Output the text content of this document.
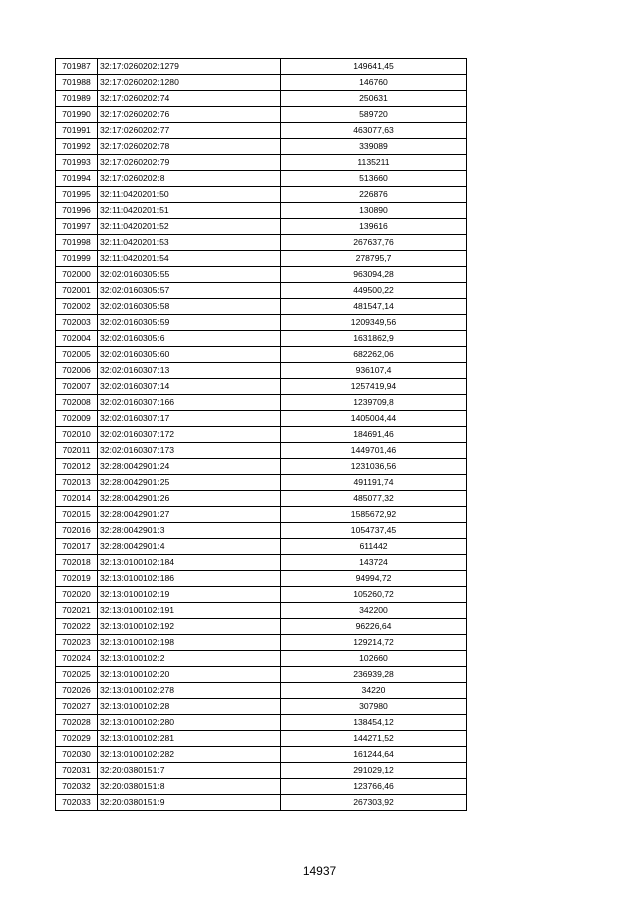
701987	32:17:0260202:1279	149641,45
701988	32:17:0260202:1280	146760
701989	32:17:0260202:74	250631
701990	32:17:0260202:76	589720
701991	32:17:0260202:77	463077,63
701992	32:17:0260202:78	339089
701993	32:17:0260202:79	1135211
701994	32:17:0260202:8	513660
701995	32:11:0420201:50	226876
701996	32:11:0420201:51	130890
701997	32:11:0420201:52	139616
701998	32:11:0420201:53	267637,76
701999	32:11:0420201:54	278795,7
702000	32:02:0160305:55	963094,28
702001	32:02:0160305:57	449500,22
702002	32:02:0160305:58	481547,14
702003	32:02:0160305:59	1209349,56
702004	32:02:0160305:6	1631862,9
702005	32:02:0160305:60	682262,06
702006	32:02:0160307:13	936107,4
702007	32:02:0160307:14	1257419,94
702008	32:02:0160307:166	1239709,8
702009	32:02:0160307:17	1405004,44
702010	32:02:0160307:172	184691,46
702011	32:02:0160307:173	1449701,46
702012	32:28:0042901:24	1231036,56
702013	32:28:0042901:25	491191,74
702014	32:28:0042901:26	485077,32
702015	32:28:0042901:27	1585672,92
702016	32:28:0042901:3	1054737,45
702017	32:28:0042901:4	611442
702018	32:13:0100102:184	143724
702019	32:13:0100102:186	94994,72
702020	32:13:0100102:19	105260,72
702021	32:13:0100102:191	342200
702022	32:13:0100102:192	96226,64
702023	32:13:0100102:198	129214,72
702024	32:13:0100102:2	102660
702025	32:13:0100102:20	236939,28
702026	32:13:0100102:278	34220
702027	32:13:0100102:28	307980
702028	32:13:0100102:280	138454,12
702029	32:13:0100102:281	144271,52
702030	32:13:0100102:282	161244,64
702031	32:20:0380151:7	291029,12
702032	32:20:0380151:8	123766,46
702033	32:20:0380151:9	267303,92
14937
